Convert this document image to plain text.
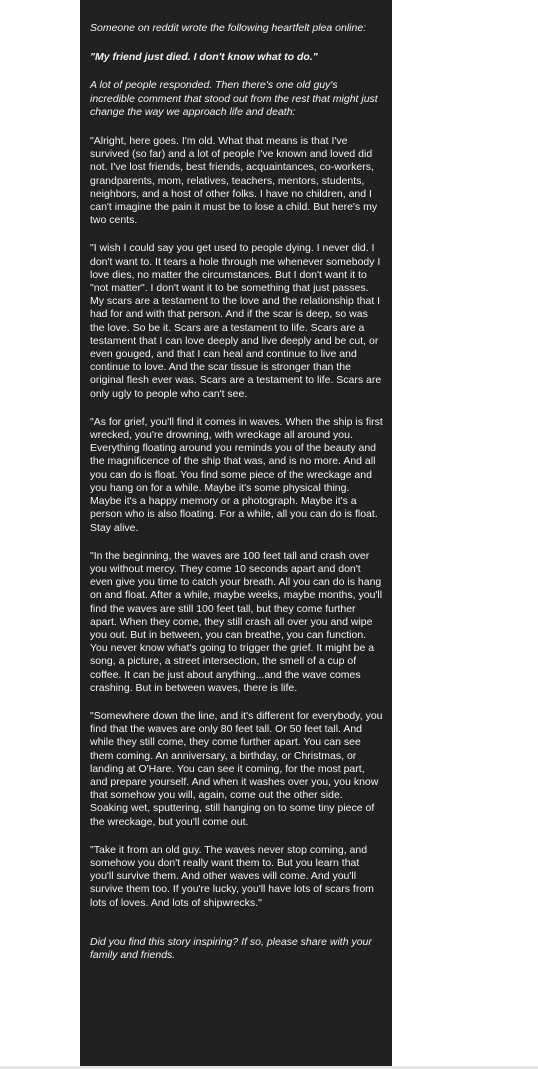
Someone on reddit wrote the following heartfelt plea online:

"My friend just died. I don't know what to do."

A lot of people responded. Then there's one old guy's incredible comment that stood out from the rest that might just change the way we approach life and death:

"Alright, here goes. I'm old. What that means is that I've survived (so far) and a lot of people I've known and loved did not. I've lost friends, best friends, acquaintances, co-workers, grandparents, mom, relatives, teachers, mentors, students, neighbors, and a host of other folks. I have no children, and I can't imagine the pain it must be to lose a child. But here's my two cents.

"I wish I could say you get used to people dying. I never did. I don't want to. It tears a hole through me whenever somebody I love dies, no matter the circumstances. But I don't want it to "not matter". I don't want it to be something that just passes. My scars are a testament to the love and the relationship that I had for and with that person. And if the scar is deep, so was the love. So be it. Scars are a testament to life. Scars are a testament that I can love deeply and live deeply and be cut, or even gouged, and that I can heal and continue to live and continue to love. And the scar tissue is stronger than the original flesh ever was. Scars are a testament to life. Scars are only ugly to people who can't see.

"As for grief, you'll find it comes in waves. When the ship is first wrecked, you're drowning, with wreckage all around you. Everything floating around you reminds you of the beauty and the magnificence of the ship that was, and is no more. And all you can do is float. You find some piece of the wreckage and you hang on for a while. Maybe it's some physical thing. Maybe it's a happy memory or a photograph. Maybe it's a person who is also floating. For a while, all you can do is float. Stay alive.

"In the beginning, the waves are 100 feet tall and crash over you without mercy. They come 10 seconds apart and don't even give you time to catch your breath. All you can do is hang on and float. After a while, maybe weeks, maybe months, you'll find the waves are still 100 feet tall, but they come further apart. When they come, they still crash all over you and wipe you out. But in between, you can breathe, you can function. You never know what's going to trigger the grief. It might be a song, a picture, a street intersection, the smell of a cup of coffee. It can be just about anything...and the wave comes crashing. But in between waves, there is life.

"Somewhere down the line, and it's different for everybody, you find that the waves are only 80 feet tall. Or 50 feet tall. And while they still come, they come further apart. You can see them coming. An anniversary, a birthday, or Christmas, or landing at O'Hare. You can see it coming, for the most part, and prepare yourself. And when it washes over you, you know that somehow you will, again, come out the other side. Soaking wet, sputtering, still hanging on to some tiny piece of the wreckage, but you'll come out.

"Take it from an old guy. The waves never stop coming, and somehow you don't really want them to. But you learn that you'll survive them. And other waves will come. And you'll survive them too. If you're lucky, you'll have lots of scars from lots of loves. And lots of shipwrecks."

Did you find this story inspiring? If so, please share with your family and friends.
